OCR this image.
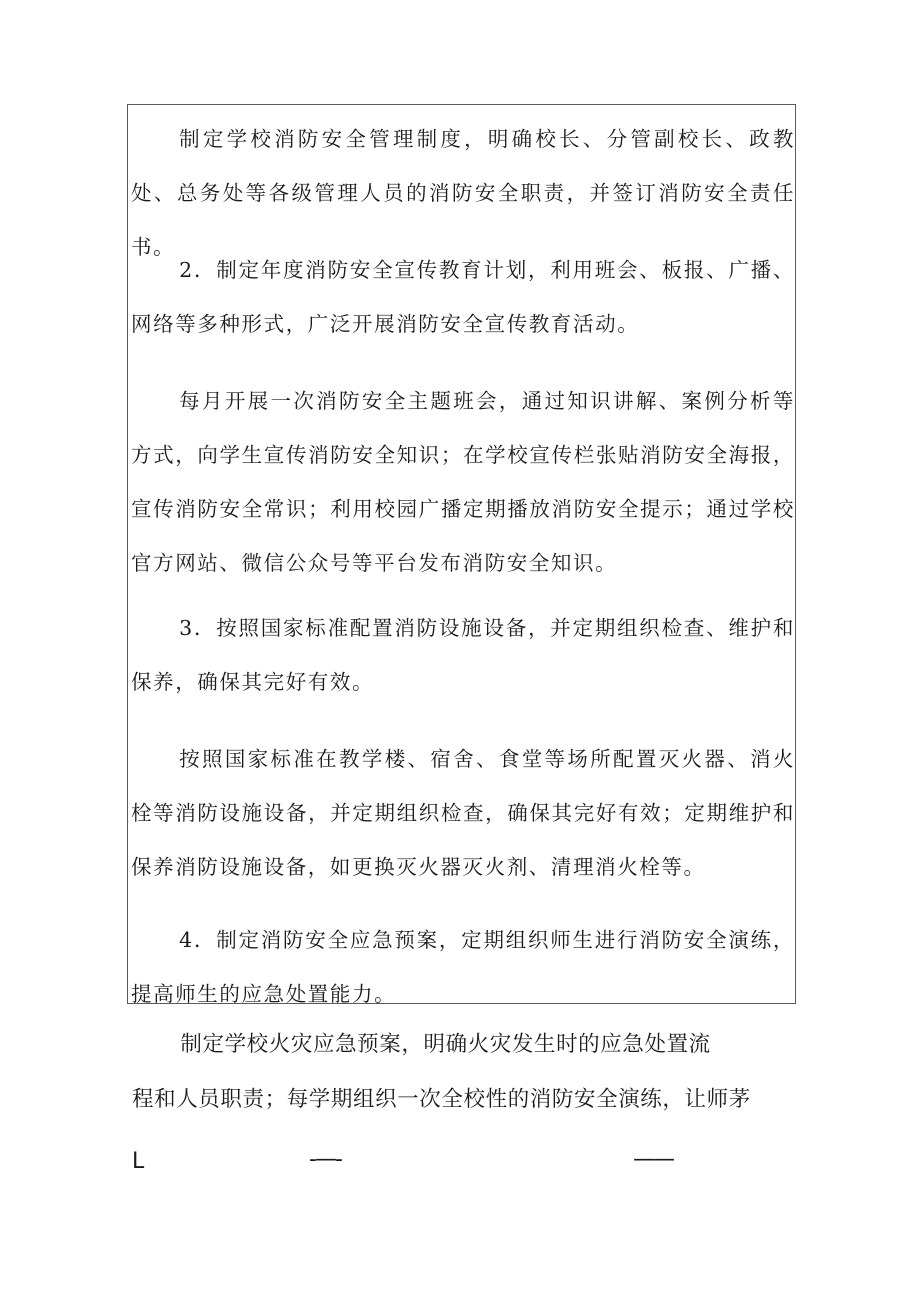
制定学校消防安全管理制度，明确校长、分管副校长、政教处、总务处等各级管理人员的消防安全职责，并签订消防安全责任书。

2．制定年度消防安全宣传教育计划，利用班会、板报、广播、网络等多种形式，广泛开展消防安全宣传教育活动。

每月开展一次消防安全主题班会，通过知识讲解、案例分析等方式，向学生宣传消防安全知识；在学校宣传栏张贴消防安全海报，宣传消防安全常识；利用校园广播定期播放消防安全提示；通过学校官方网站、微信公众号等平台发布消防安全知识。

3．按照国家标准配置消防设施设备，并定期组织检查、维护和保养，确保其完好有效。

按照国家标准在教学楼、宿舍、食堂等场所配置灭火器、消火栓等消防设施设备，并定期组织检查，确保其完好有效；定期维护和保养消防设施设备，如更换灭火器灭火剂、清理消火栓等。

4．制定消防安全应急预案，定期组织师生进行消防安全演练，提高师生的应急处置能力。

制定学校火灾应急预案，明确火灾发生时的应急处置流

程和人员职责；每学期组织一次全校性的消防安全演练，让师茅

L	-—-	——
